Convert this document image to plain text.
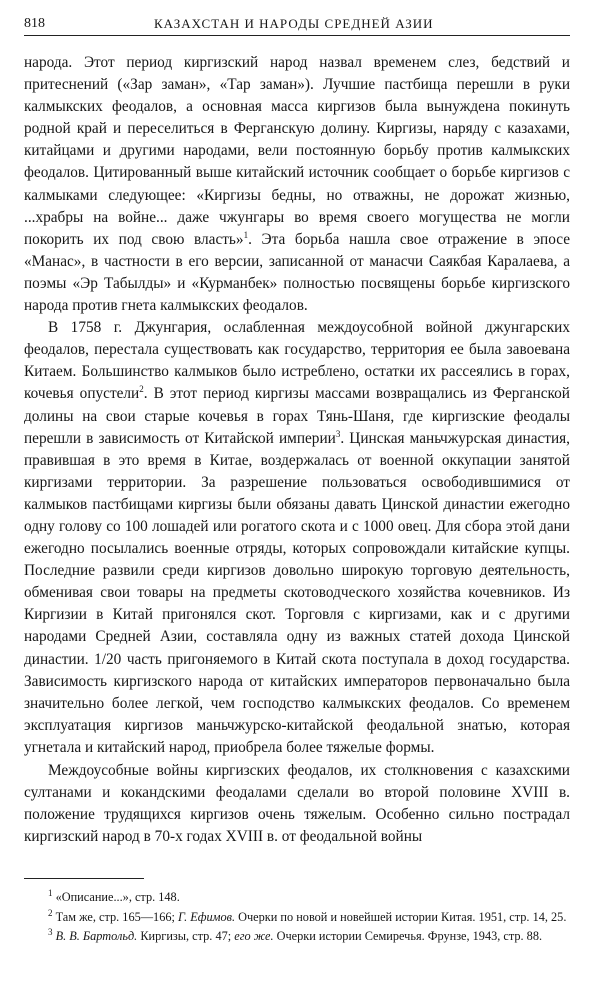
818	КАЗАХСТАН И НАРОДЫ СРЕДНЕЙ АЗИИ

народа. Этот период киргизский народ назвал временем слез, бедствий и притеснений («Зар заман», «Тар заман»). Лучшие пастбища перешли в руки калмыкских феодалов, а основная масса киргизов была вынуждена покинуть родной край и переселиться в Ферганскую долину. Киргизы, наряду с казахами, китайцами и другими народами, вели постоянную борьбу против калмыкских феодалов. Цитированный выше китайский источник сообщает о борьбе киргизов с калмыками следующее: «Киргизы бедны, но отважны, не дорожат жизнью, ...храбры на войне... даже чжунгары во время своего могущества не могли покорить их под свою власть»$^1$. Эта борьба нашла свое отражение в эпосе «Манас», в частности в его версии, записанной от манасчи Саякбая Каралаева, а поэмы «Эр Табылды» и «Курманбек» полностью посвящены борьбе киргизского народа против гнета калмыкских феодалов.

В 1758 г. Джунгария, ослабленная междоусобной войной джунгарских феодалов, перестала существовать как государство, территория ее была завоевана Китаем. Большинство калмыков было истреблено, остатки их рассеялись в горах, кочевья опустели$^2$. В этот период киргизы массами возвращались из Ферганской долины на свои старые кочевья в горах Тянь-Шаня, где киргизские феодалы перешли в зависимость от Китайской империи$^3$. Цинская маньчжурская династия, правившая в это время в Китае, воздержалась от военной оккупации занятой киргизами территории. За разрешение пользоваться освободившимися от калмыков пастбищами киргизы были обязаны давать Цинской династии ежегодно одну голову со 100 лошадей или рогатого скота и с 1000 овец. Для сбора этой дани ежегодно посылались военные отряды, которых сопровождали китайские купцы. Последние развили среди киргизов довольно широкую торговую деятельность, обменивая свои товары на предметы скотоводческого хозяйства кочевников. Из Киргизии в Китай пригонялся скот. Торговля с киргизами, как и с другими народами Средней Азии, составляла одну из важных статей дохода Цинской династии. 1/20 часть пригоняемого в Китай скота поступала в доход государства. Зависимость киргизского народа от китайских императоров первоначально была значительно более легкой, чем господство калмыкских феодалов. Со временем эксплуатация киргизов маньчжурско-китайской феодальной знатью, которая угнетала и китайский народ, приобрела более тяжелые формы.

Междоусобные войны киргизских феодалов, их столкновения с казахскими султанами и кокандскими феодалами сделали во второй половине XVIII в. положение трудящихся киргизов очень тяжелым. Особенно сильно пострадал киргизский народ в 70-х годах XVIII в. от феодальной войны

$^1$ «Описание...», стр. 148.

$^2$ Там же, стр. 165—166; Г. Ефимов. Очерки по новой и новейшей истории Китая. 1951, стр. 14, 25.

$^3$ В. В. Бартольд. Киргизы, стр. 47; его же. Очерки истории Семиречья. Фрунзе, 1943, стр. 88.
